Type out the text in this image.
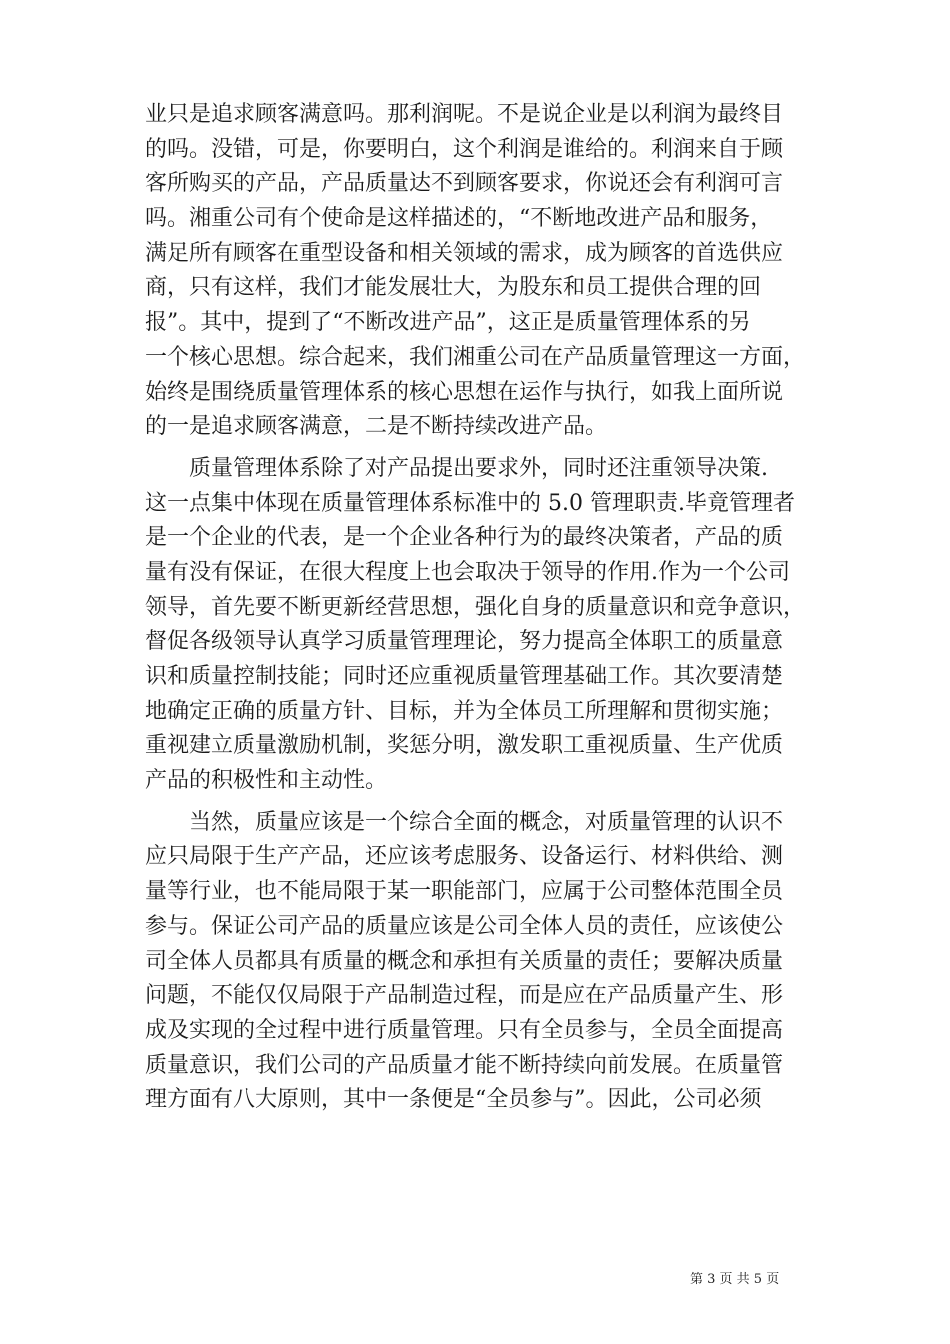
业只是追求顾客满意吗。那利润呢。不是说企业是以利润为最终目
的吗。没错，可是，你要明白，这个利润是谁给的。利润来自于顾
客所购买的产品，产品质量达不到顾客要求，你说还会有利润可言
吗。湘重公司有个使命是这样描述的，“不断地改进产品和服务，
满足所有顾客在重型设备和相关领域的需求，成为顾客的首选供应
商，只有这样，我们才能发展壮大，为股东和员工提供合理的回
报”。其中，提到了“不断改进产品”，这正是质量管理体系的另
一个核心思想。综合起来，我们湘重公司在产品质量管理这一方面，
始终是围绕质量管理体系的核心思想在运作与执行，如我上面所说
的一是追求顾客满意，二是不断持续改进产品。
　　质量管理体系除了对产品提出要求外，同时还注重领导决策.
这一点集中体现在质量管理体系标准中的 5.0 管理职责.毕竟管理者
是一个企业的代表，是一个企业各种行为的最终决策者，产品的质
量有没有保证，在很大程度上也会取决于领导的作用.作为一个公司
领导，首先要不断更新经营思想，强化自身的质量意识和竞争意识，
督促各级领导认真学习质量管理理论，努力提高全体职工的质量意
识和质量控制技能；同时还应重视质量管理基础工作。其次要清楚
地确定正确的质量方针、目标，并为全体员工所理解和贯彻实施；
重视建立质量激励机制，奖惩分明，激发职工重视质量、生产优质
产品的积极性和主动性。
　　当然，质量应该是一个综合全面的概念，对质量管理的认识不
应只局限于生产产品，还应该考虑服务、设备运行、材料供给、测
量等行业，也不能局限于某一职能部门，应属于公司整体范围全员
参与。保证公司产品的质量应该是公司全体人员的责任，应该使公
司全体人员都具有质量的概念和承担有关质量的责任；要解决质量
问题，不能仅仅局限于产品制造过程，而是应在产品质量产生、形
成及实现的全过程中进行质量管理。只有全员参与，全员全面提高
质量意识，我们公司的产品质量才能不断持续向前发展。在质量管
理方面有八大原则，其中一条便是“全员参与”。因此，公司必须
第 3 页 共 5 页
